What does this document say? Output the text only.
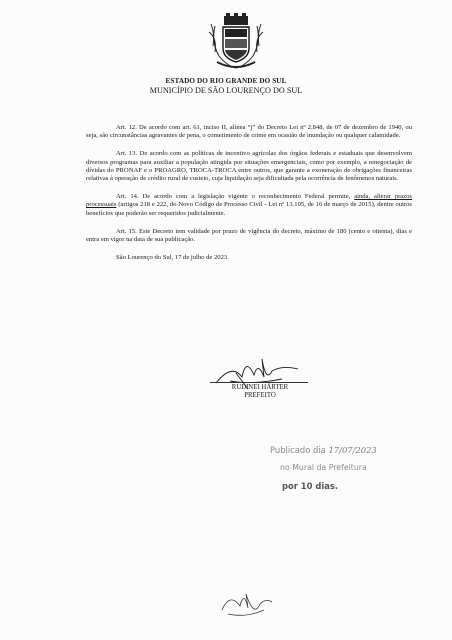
ESTADO DO RIO GRANDE DO SUL
MUNICÍPIO DE SÃO LOURENÇO DO SUL

Art. 12. De acordo com art. 61, inciso II, alínea “j” do Decreto Lei nº 2.848, de 07 de dezembro de 1940, ou seja, são circunstâncias agravantes de pena, o cometimento de crime em ocasião de inundação ou qualquer calamidade.

Art. 13. De acordo com as políticas de incentivo agrícolas dos órgãos federais e estaduais que desenvolvem diversos programas para auxiliar a população atingida por situações emergenciais, como por exemplo, a renegociação de dívidas do PRONAF e o PROAGRO, TROCA-TROCA entre outros, que garante a exoneração de obrigações financeiras relativas à operação de crédito rural de custeio, cuja liquidação seja dificultada pela ocorrência de fenômenos naturais.

Art. 14. De acordo com a legislação vigente o reconhecimento Federal permite, ainda, alterar prazos processuais (artigos 218 e 222, do Novo Código de Processo Civil - Lei nº 13.105, de 16 de março de 2015), dentre outros benefícios que poderão ser requeridos judicialmente.

Art. 15. Este Decreto tem validade por prazo de vigência do decreto, máximo de 180 (cento e oitenta), dias e entra em vigor na data de sua publicação.

São Lourenço do Sul, 17 de julho de 2023.
RUDINEI HÄRTER
PREFEITO
Publicado dia 17/07/2023
no Mural da Prefeitura
por 10 dias.
